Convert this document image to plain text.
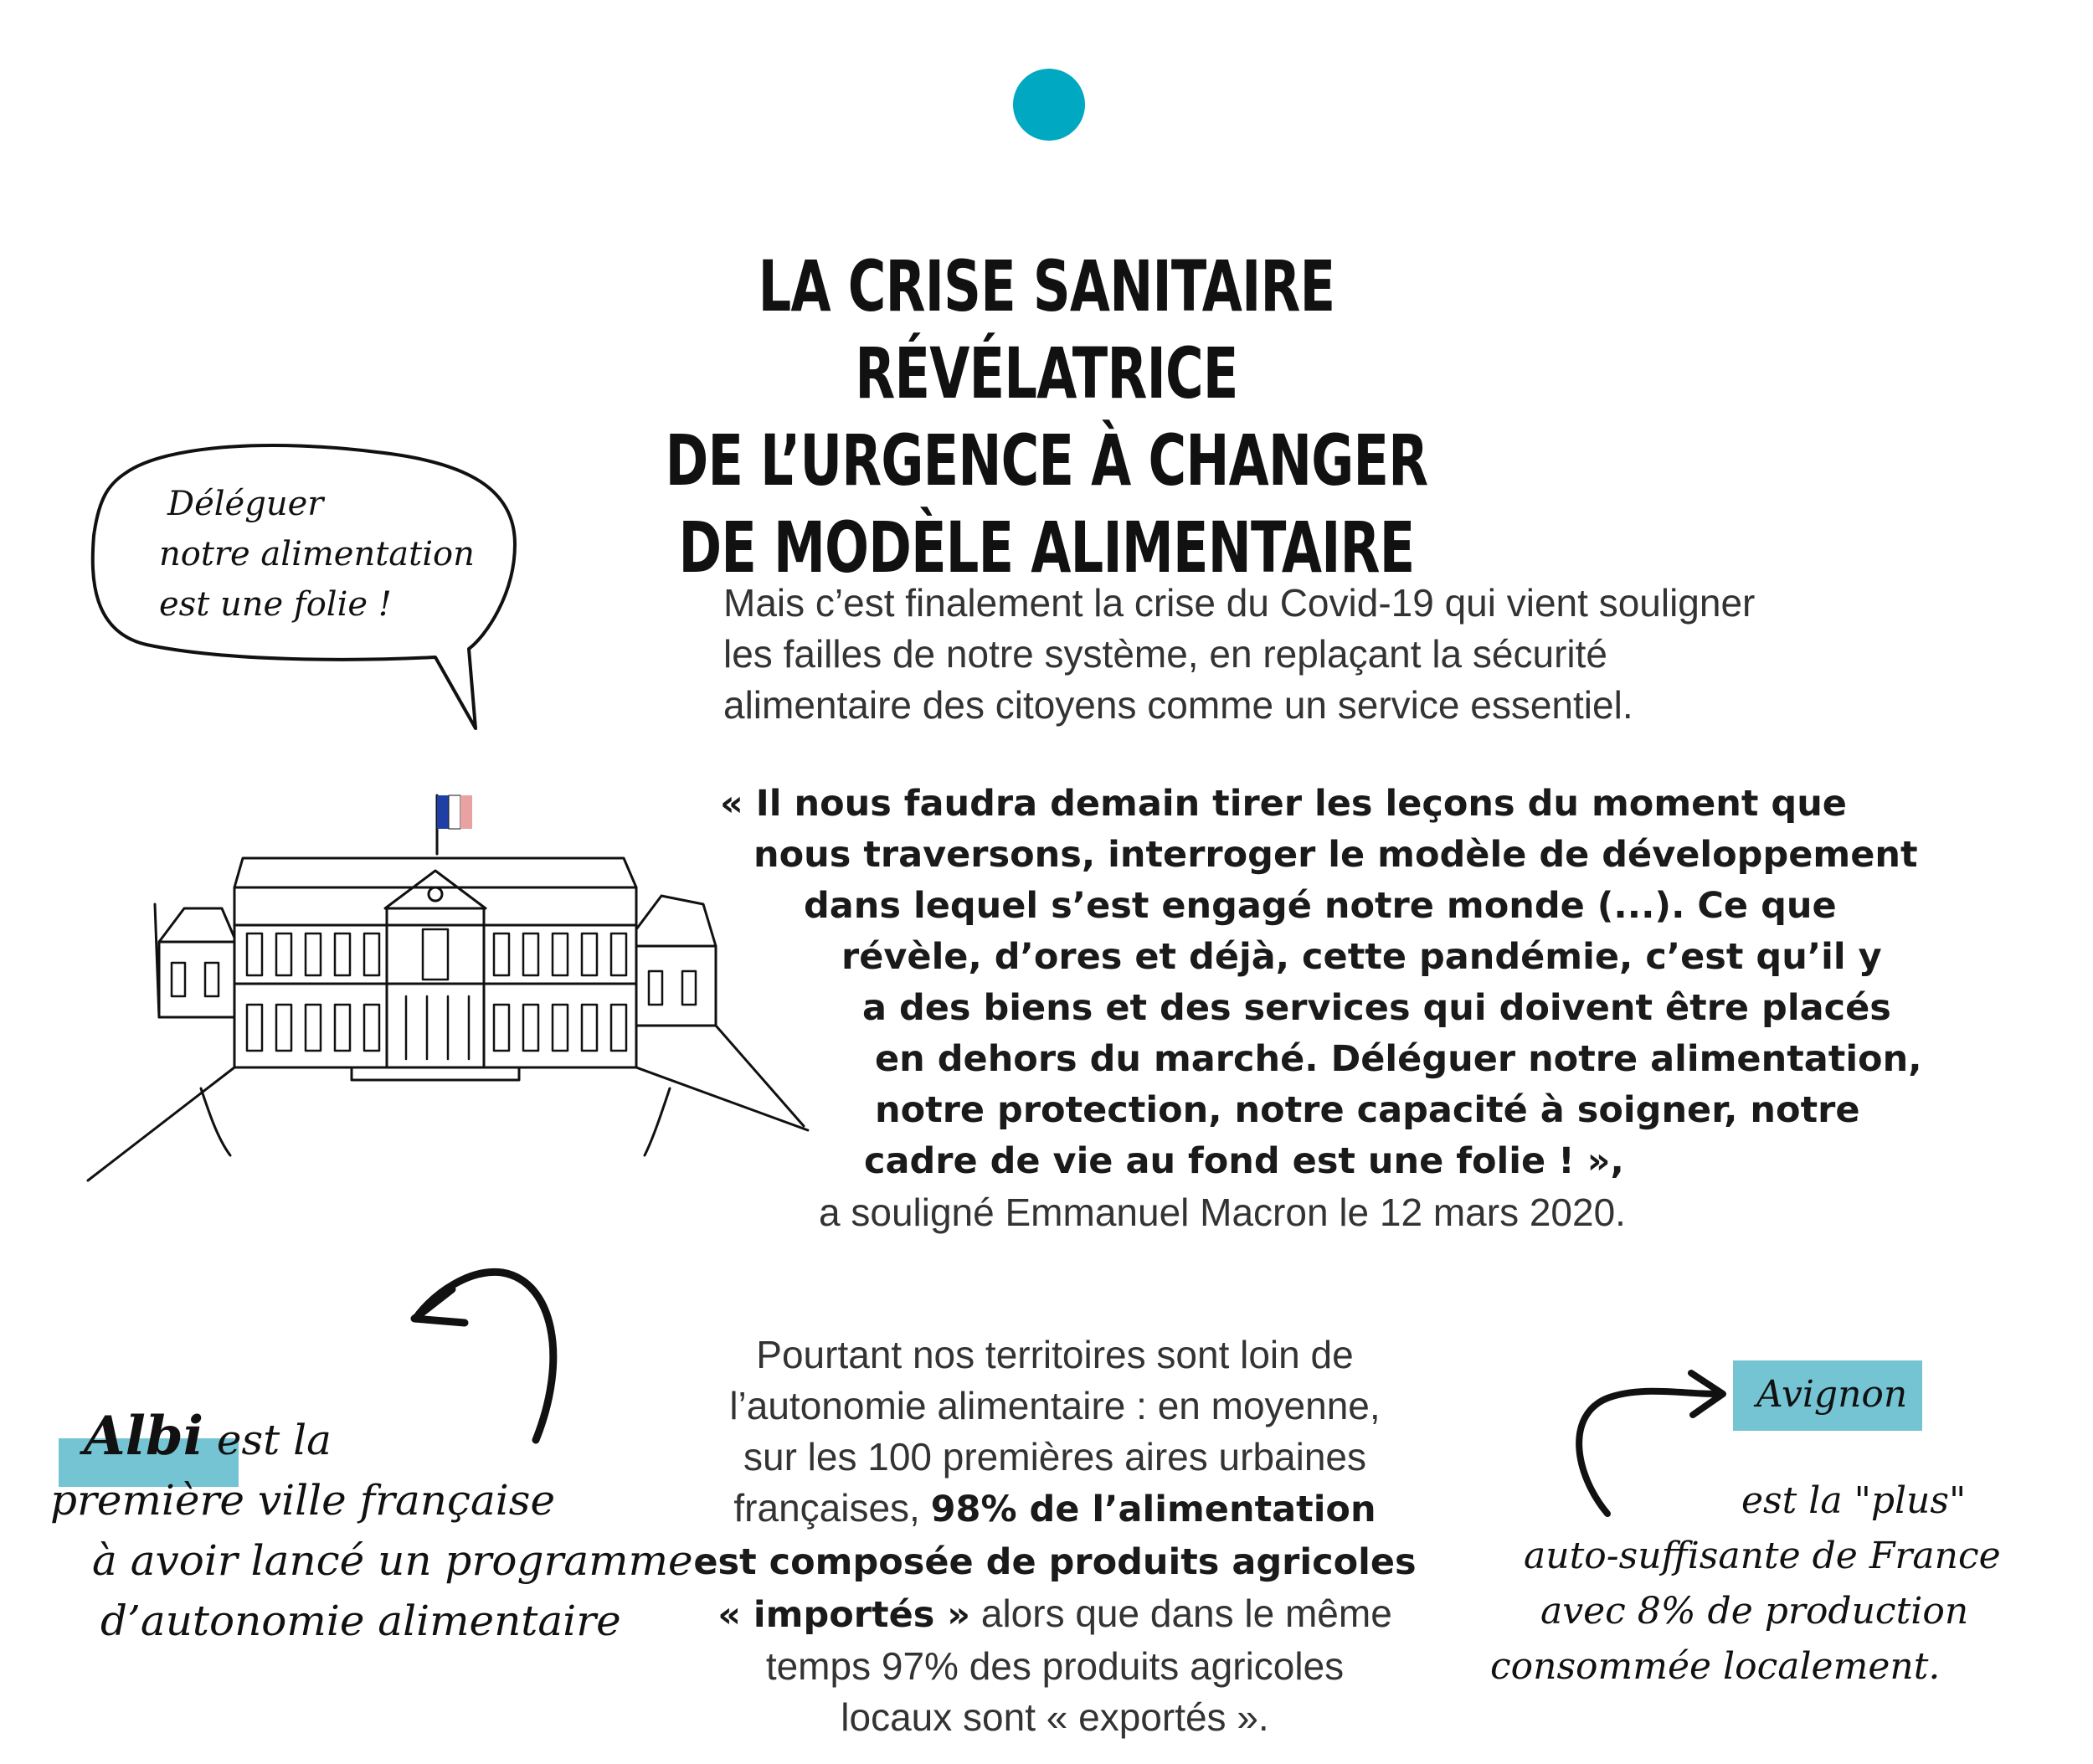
LA CRISE SANITAIRE RÉVÉLATRICE
DE L’URGENCE À CHANGER
DE MODÈLE ALIMENTAIRE
Mais c’est finalement la crise du Covid-19 qui vient souligner
les failles de notre système, en replaçant la sécurité
alimentaire des citoyens comme un service essentiel.
« Il nous faudra demain tirer les leçons du moment que
nous traversons, interroger le modèle de développement
dans lequel s’est engagé notre monde (...). Ce que
révèle, d’ores et déjà, cette pandémie, c’est qu’il y
a des biens et des services qui doivent être placés
en dehors du marché. Déléguer notre alimentation,
notre protection, notre capacité à soigner, notre
cadre de vie au fond est une folie ! »,
a souligné Emmanuel Macron le 12 mars 2020.
Pourtant nos territoires sont loin de
l’autonomie alimentaire : en moyenne,
sur les 100 premières aires urbaines
françaises, 98% de l’alimentation
est composée de produits agricoles
« importés » alors que dans le même
temps 97% des produits agricoles
locaux sont « exportés ».
Déléguer
notre alimentation
est une folie !
Albi est la
première ville française
à avoir lancé un programme
d’autonomie alimentaire
Avignon
est la "plus"
auto-suffisante de France
avec 8% de production
consommée localement.
